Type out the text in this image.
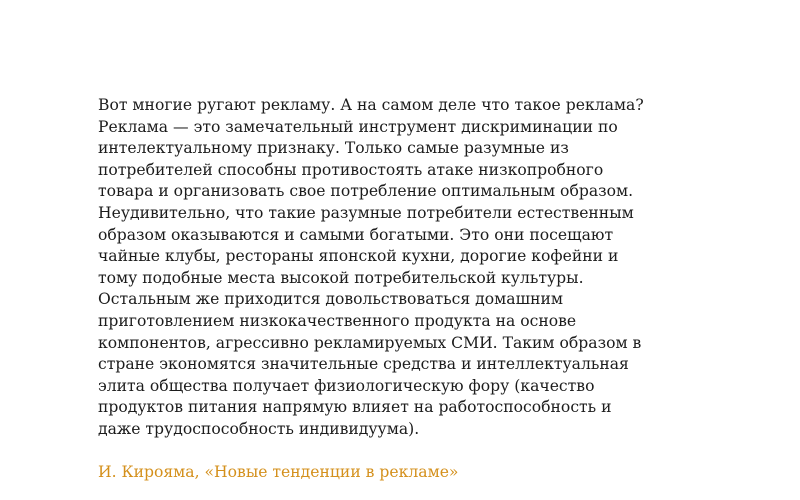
Вот многие ругают рекламу. А на самом деле что такое реклама?
Реклама — это замечательный инструмент дискриминации по
интелектуальному признаку. Только самые разумные из
потребителей способны противостоять атаке низкопробного
товара и организовать свое потребление оптимальным образом.
Неудивительно, что такие разумные потребители естественным
образом оказываются и самыми богатыми. Это они посещают
чайные клубы, рестораны японской кухни, дорогие кофейни и
тому подобные места высокой потребительской культуры.
Остальным же приходится довольствоваться домашним
приготовлением низкокачественного продукта на основе
компонентов, агрессивно рекламируемых СМИ. Таким образом в
стране экономятся значительные средства и интеллектуальная
элита общества получает физиологическую фору (качество
продуктов питания напрямую влияет на работоспособность и
даже трудоспособность индивидуума).
И. Кирояма, «Новые тенденции в рекламе»
